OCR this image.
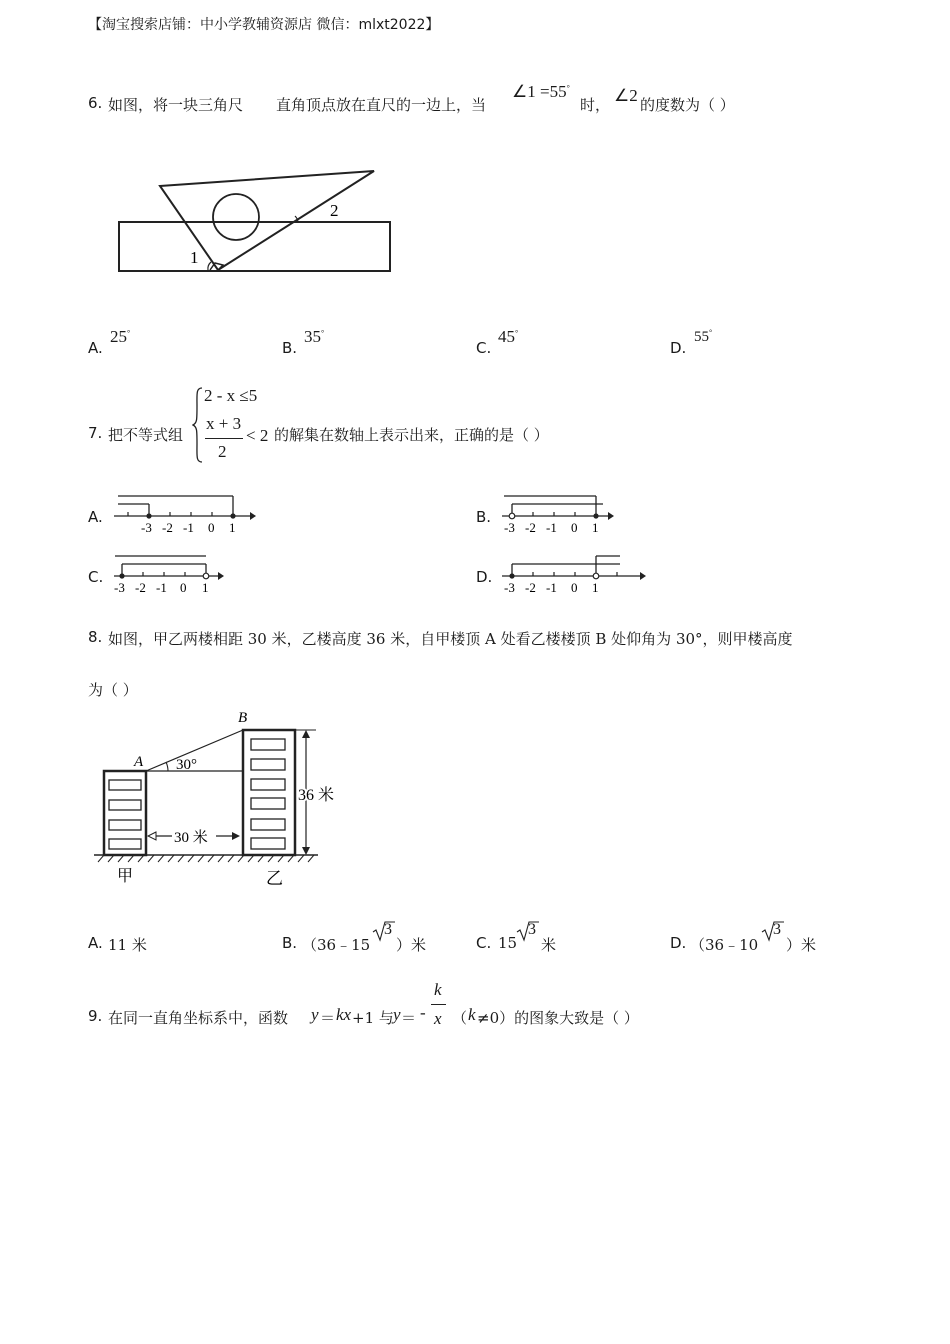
【淘宝搜索店铺：中小学教辅资源店 微信：mlxt2022】
6. 如图，将一块三角尺 直角顶点放在直尺的一边上，当
∠1 =55°
时， ∠2 的度数为（ ）
1
2
A.
25°
B.
35°
C.
45°
D.
55°
7. 把不等式组
2 - x ≤5
x + 3
2
< 2 的解集在数轴上表示出来，正确的是（ ）
A.
-3 -2 -1 0 1
B.
-3 -2 -1 0 1
C.
-3 -2 -1 0 1
D.
-3 -2 -1 0 1
8. 如图，甲乙两楼相距 30 米，乙楼高度 36 米，自甲楼顶 A 处看乙楼楼顶 B 处仰角为 30°，则甲楼高度
为（ ）
A
B
30°
36 米
30 米
甲	乙
A. 11 米	B. （36﹣15
3
）米	C. 15
3
米	D. （36﹣10
3
）米
9. 在同一直角坐标系中，函数 y ＝ kx +1 与 y ＝ -
k
x （ k ≠0）的图象大致是（ ）
